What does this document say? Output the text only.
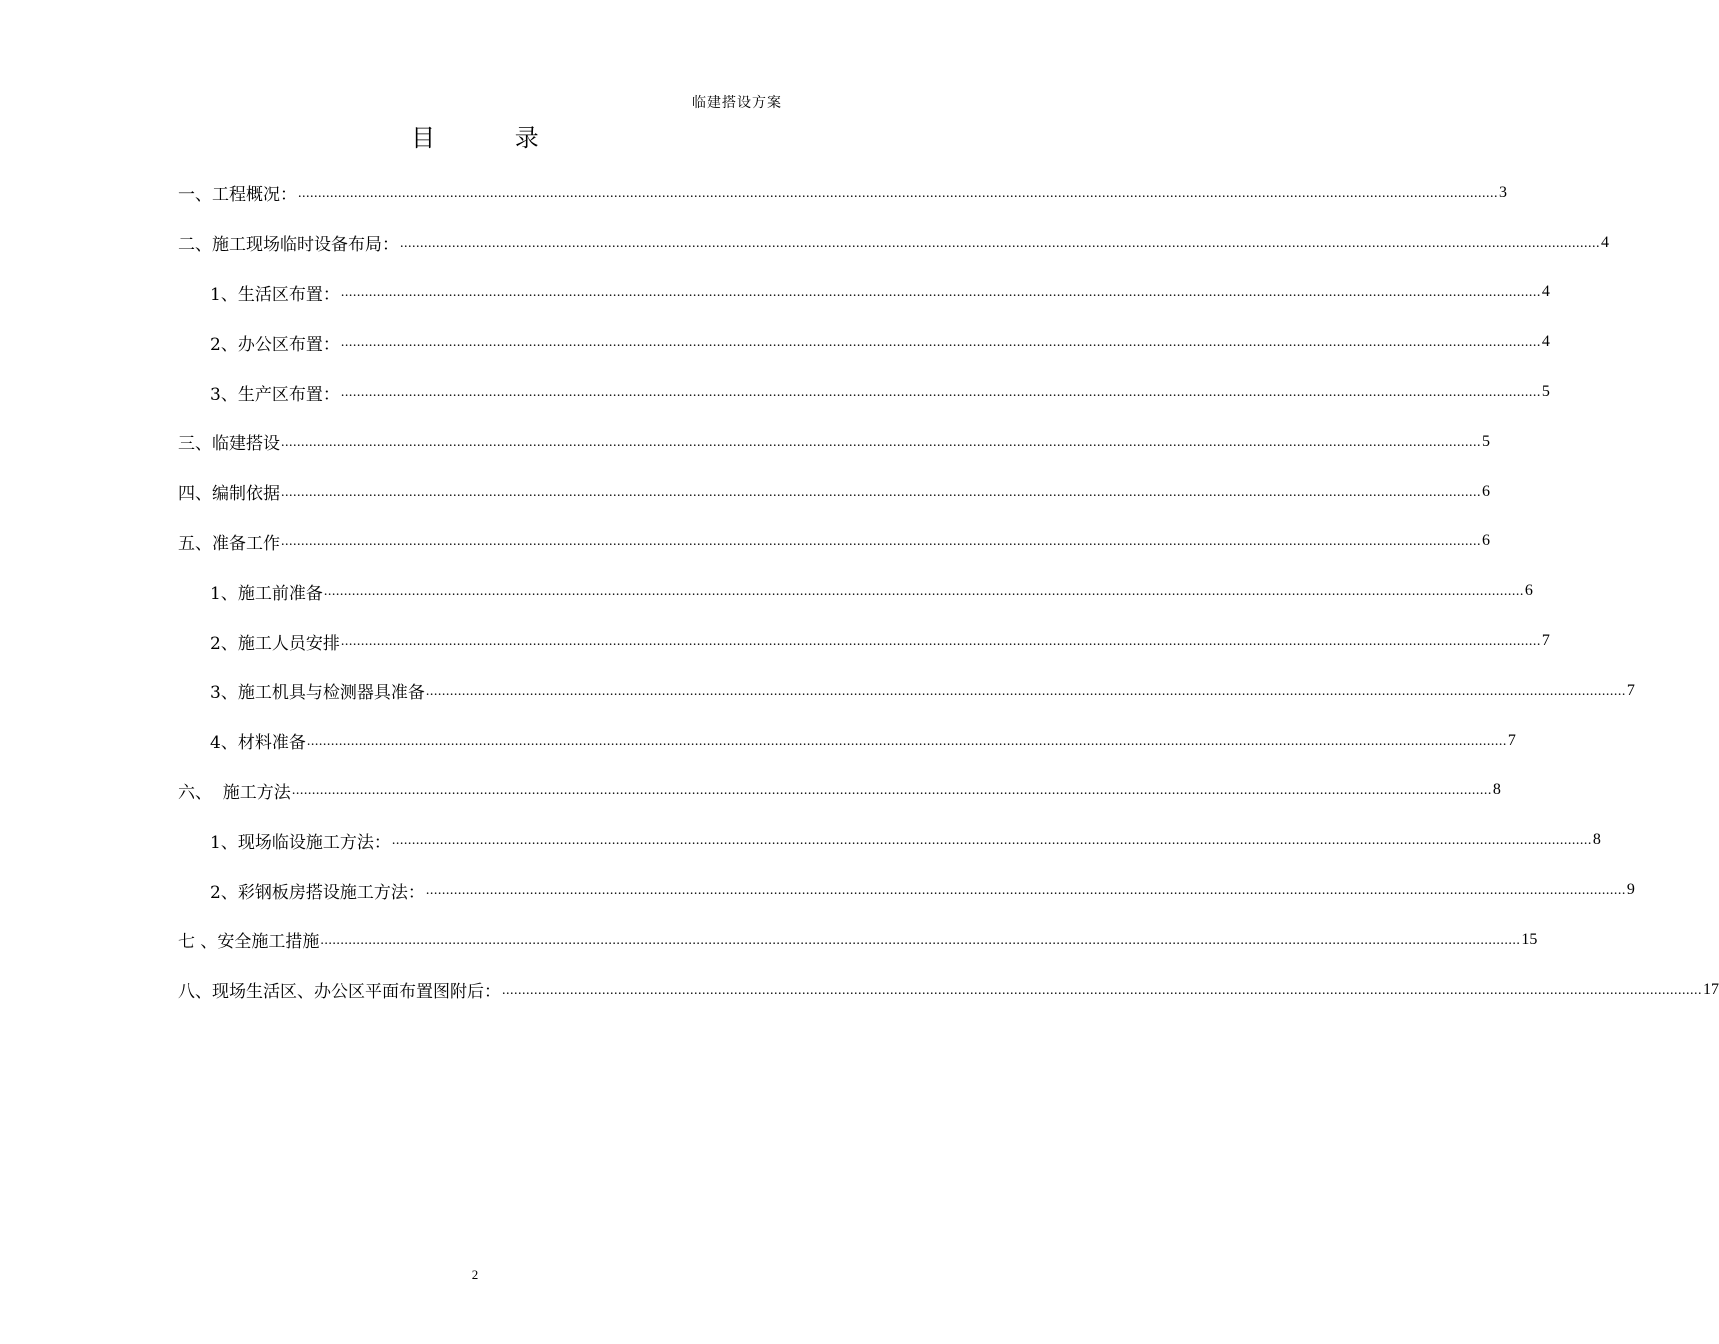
临建搭设方案
目 录
一、工程概况： ............................................................................................................................................................................................................................................................................................................ 3
二、施工现场临时设备布局： ............................................................................................................................................................................................................................................................................................................ 4
1、生活区布置： ............................................................................................................................................................................................................................................................................................................ 4
2、办公区布置： ............................................................................................................................................................................................................................................................................................................ 4
3、生产区布置： ............................................................................................................................................................................................................................................................................................................ 5
三、临建搭设 ............................................................................................................................................................................................................................................................................................................ 5
四、编制依据 ............................................................................................................................................................................................................................................................................................................ 6
五、准备工作 ............................................................................................................................................................................................................................................................................................................ 6
1、施工前准备 ............................................................................................................................................................................................................................................................................................................ 6
2、施工人员安排 ............................................................................................................................................................................................................................................................................................................ 7
3、施工机具与检测器具准备 ............................................................................................................................................................................................................................................................................................................ 7
4、材料准备 ............................................................................................................................................................................................................................................................................................................ 7
六、  施工方法 ............................................................................................................................................................................................................................................................................................................ 8
1、现场临设施工方法： ............................................................................................................................................................................................................................................................................................................ 8
2、彩钢板房搭设施工方法： ............................................................................................................................................................................................................................................................................................................ 9
七 、安全施工措施 ............................................................................................................................................................................................................................................................................................................ 15
八、现场生活区、办公区平面布置图附后： ............................................................................................................................................................................................................................................................................................................ 17
2
